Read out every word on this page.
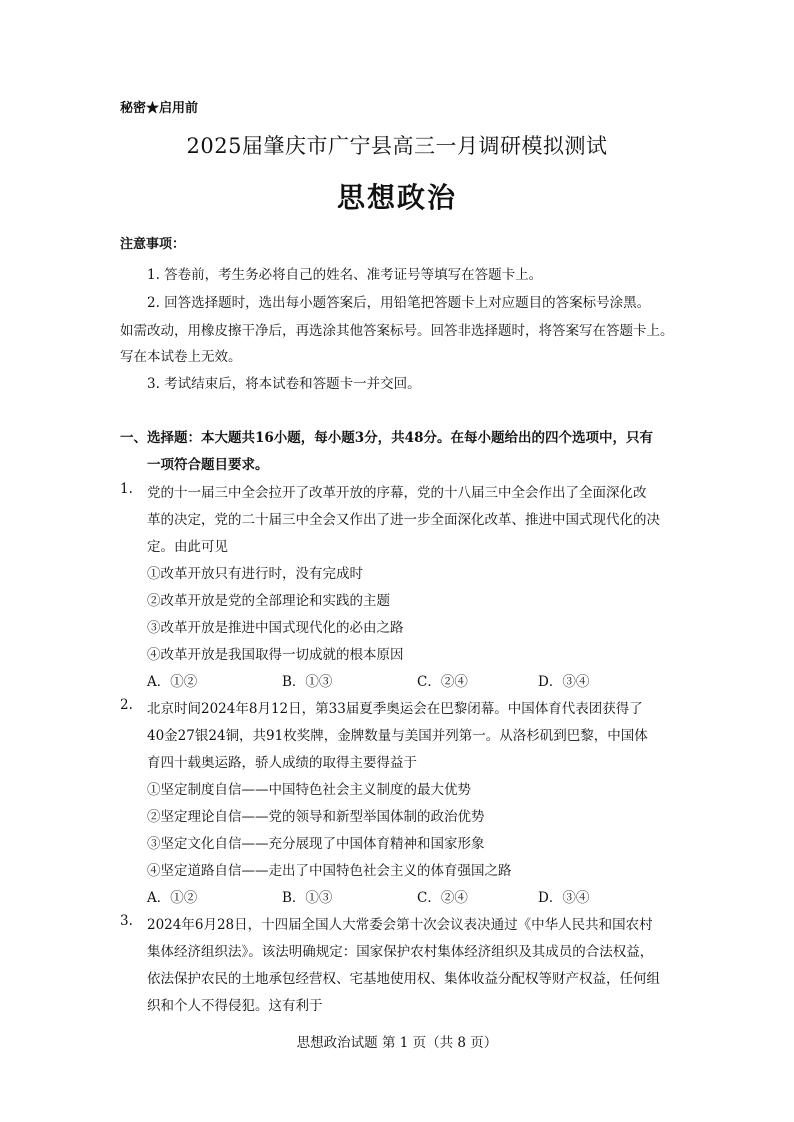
秘密★启用前
2025届肇庆市广宁县高三一月调研模拟测试
思想政治
注意事项：
1. 答卷前，考生务必将自己的姓名、准考证号等填写在答题卡上。
2. 回答选择题时，选出每小题答案后，用铅笔把答题卡上对应题目的答案标号涂黑。
如需改动，用橡皮擦干净后，再选涂其他答案标号。回答非选择题时，将答案写在答题卡上。
写在本试卷上无效。
3. 考试结束后，将本试卷和答题卡一并交回。
一、选择题：本大题共16小题，每小题3分，共48分。在每小题给出的四个选项中，只有
一项符合题目要求。
1. 党的十一届三中全会拉开了改革开放的序幕，党的十八届三中全会作出了全面深化改
革的决定，党的二十届三中全会又作出了进一步全面深化改革、推进中国式现代化的决
定。由此可见
①改革开放只有进行时，没有完成时
②改革开放是党的全部理论和实践的主题
③改革开放是推进中国式现代化的必由之路
④改革开放是我国取得一切成就的根本原因
A．①②	B．①③	C．②④	D．③④
2. 北京时间2024年8月12日，第33届夏季奥运会在巴黎闭幕。中国体育代表团获得了
40金27银24铜，共91枚奖牌，金牌数量与美国并列第一。从洛杉矶到巴黎，中国体
育四十载奥运路，骄人成绩的取得主要得益于
①坚定制度自信——中国特色社会主义制度的最大优势
②坚定理论自信——党的领导和新型举国体制的政治优势
③坚定文化自信——充分展现了中国体育精神和国家形象
④坚定道路自信——走出了中国特色社会主义的体育强国之路
A．①②	B．①③	C．②④	D．③④
3. 2024年6月28日，十四届全国人大常委会第十次会议表决通过《中华人民共和国农村
集体经济组织法》。该法明确规定：国家保护农村集体经济组织及其成员的合法权益，
依法保护农民的土地承包经营权、宅基地使用权、集体收益分配权等财产权益，任何组
织和个人不得侵犯。这有利于
思想政治试题 第 1 页（共 8 页）
